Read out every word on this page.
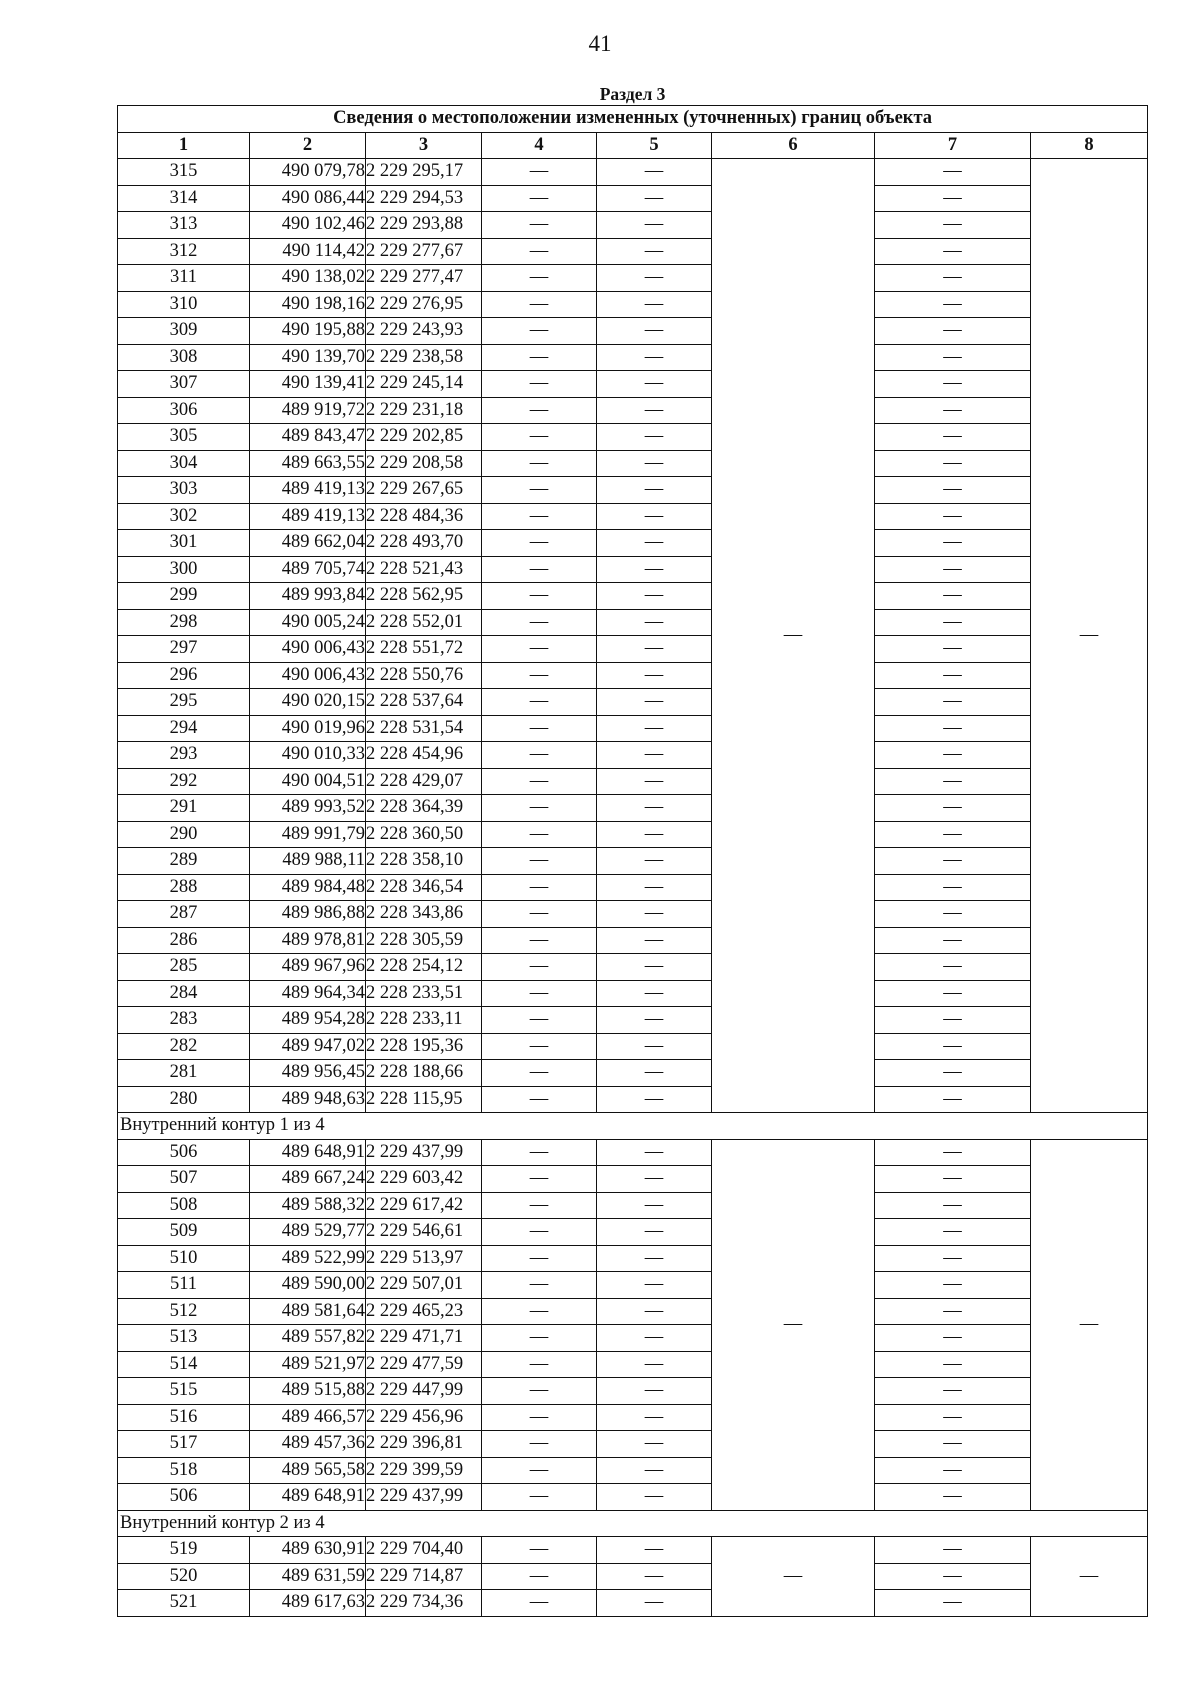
41
Раздел 3							
Сведения о местоположении измененных (уточненных) границ объекта							
1	2	3	4	5	6	7	8
315	490 079,78	2 229 295,17	—	—	—	—	—
314	490 086,44	2 229 294,53	—	—		—	
313	490 102,46	2 229 293,88	—	—		—	
312	490 114,42	2 229 277,67	—	—		—	
311	490 138,02	2 229 277,47	—	—		—	
310	490 198,16	2 229 276,95	—	—		—	
309	490 195,88	2 229 243,93	—	—		—	
308	490 139,70	2 229 238,58	—	—		—	
307	490 139,41	2 229 245,14	—	—		—	
306	489 919,72	2 229 231,18	—	—		—	
305	489 843,47	2 229 202,85	—	—		—	
304	489 663,55	2 229 208,58	—	—		—	
303	489 419,13	2 229 267,65	—	—		—	
302	489 419,13	2 228 484,36	—	—		—	
301	489 662,04	2 228 493,70	—	—		—	
300	489 705,74	2 228 521,43	—	—		—	
299	489 993,84	2 228 562,95	—	—		—	
298	490 005,24	2 228 552,01	—	—		—	
297	490 006,43	2 228 551,72	—	—		—	
296	490 006,43	2 228 550,76	—	—		—	
295	490 020,15	2 228 537,64	—	—		—	
294	490 019,96	2 228 531,54	—	—		—	
293	490 010,33	2 228 454,96	—	—		—	
292	490 004,51	2 228 429,07	—	—		—	
291	489 993,52	2 228 364,39	—	—		—	
290	489 991,79	2 228 360,50	—	—		—	
289	489 988,11	2 228 358,10	—	—		—	
288	489 984,48	2 228 346,54	—	—		—	
287	489 986,88	2 228 343,86	—	—		—	
286	489 978,81	2 228 305,59	—	—		—	
285	489 967,96	2 228 254,12	—	—		—	
284	489 964,34	2 228 233,51	—	—		—	
283	489 954,28	2 228 233,11	—	—		—	
282	489 947,02	2 228 195,36	—	—		—	
281	489 956,45	2 228 188,66	—	—		—	
280	489 948,63	2 228 115,95	—	—		—	
Внутренний контур 1 из 4							
506	489 648,91	2 229 437,99	—	—	—	—	—
507	489 667,24	2 229 603,42	—	—		—	
508	489 588,32	2 229 617,42	—	—		—	
509	489 529,77	2 229 546,61	—	—		—	
510	489 522,99	2 229 513,97	—	—		—	
511	489 590,00	2 229 507,01	—	—		—	
512	489 581,64	2 229 465,23	—	—		—	
513	489 557,82	2 229 471,71	—	—		—	
514	489 521,97	2 229 477,59	—	—		—	
515	489 515,88	2 229 447,99	—	—		—	
516	489 466,57	2 229 456,96	—	—		—	
517	489 457,36	2 229 396,81	—	—		—	
518	489 565,58	2 229 399,59	—	—		—	
506	489 648,91	2 229 437,99	—	—		—	
Внутренний контур 2 из 4							
519	489 630,91	2 229 704,40	—	—	—	—	—
520	489 631,59	2 229 714,87	—	—		—	
521	489 617,63	2 229 734,36	—	—		—	
